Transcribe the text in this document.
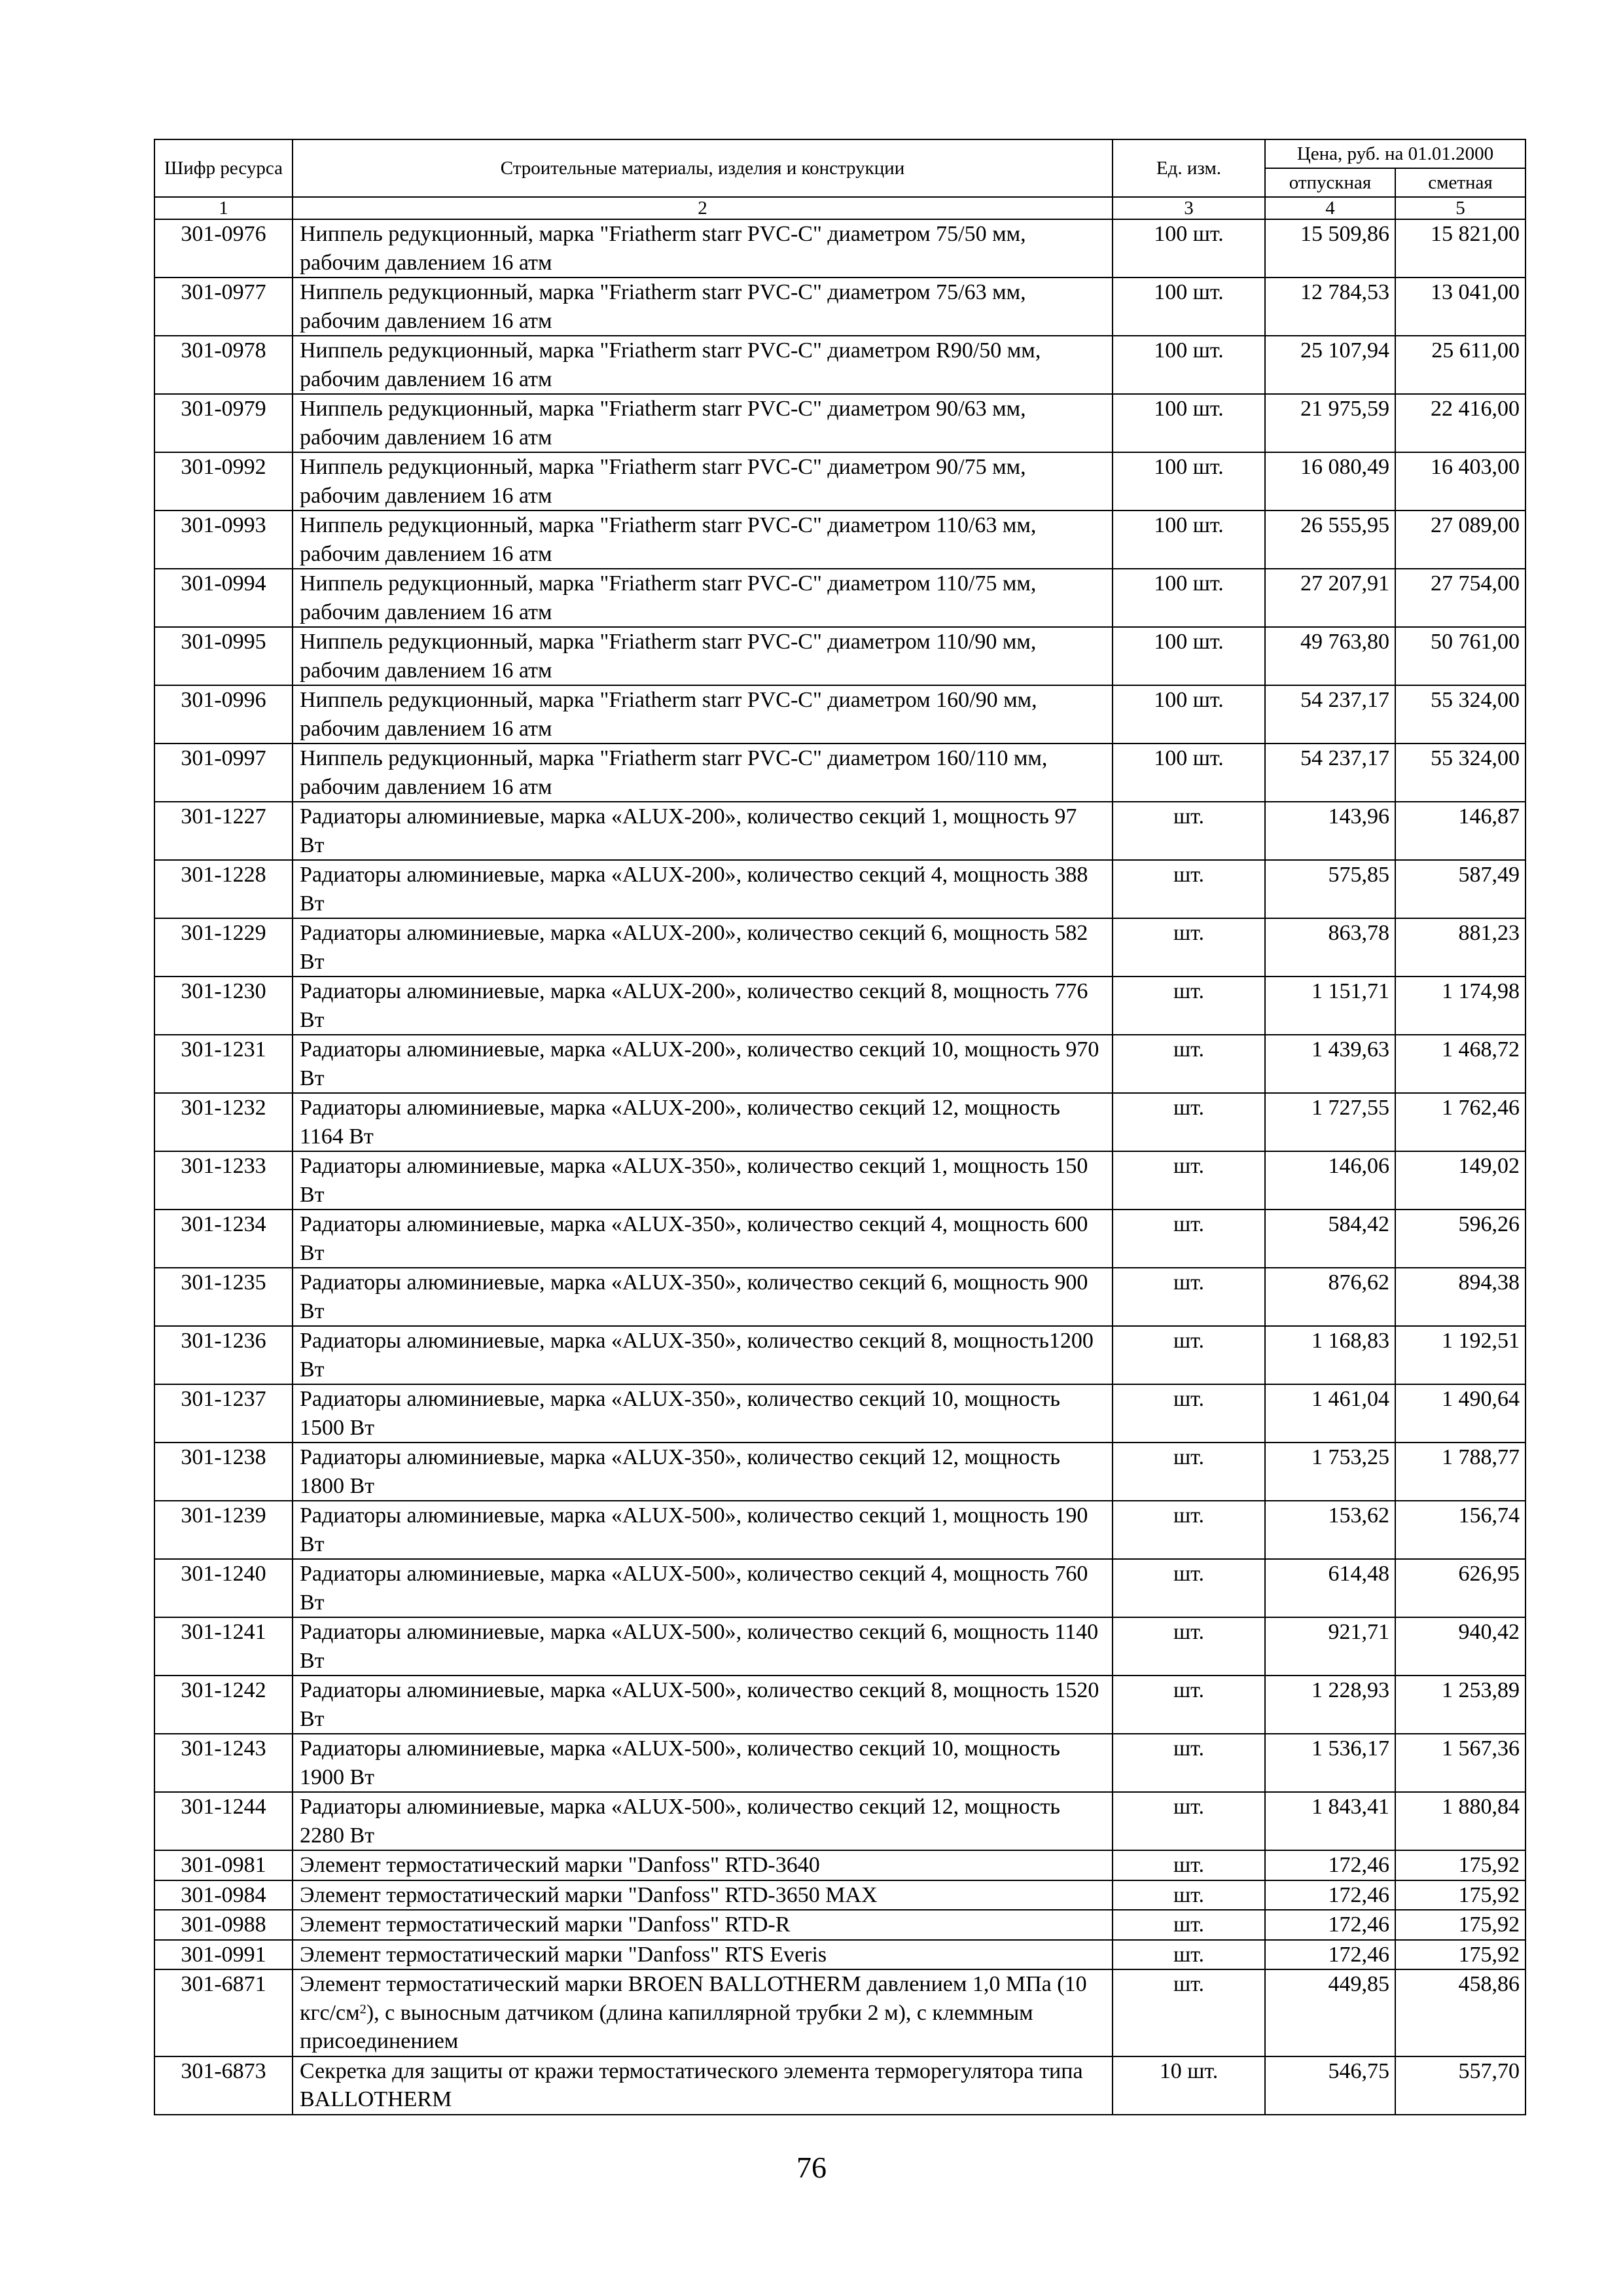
Шифр ресурса	Строительные материалы, изделия и конструкции	Ед. изм.	Цена, руб. на 01.01.2000	
			отпускная	сметная
1	2	3	4	5
301-0976	Ниппель редукционный, марка "Friatherm starr PVC-C" диаметром 75/50 мм, рабочим давлением 16 атм	100 шт.	15 509,86	15 821,00
301-0977	Ниппель редукционный, марка "Friatherm starr PVC-C" диаметром 75/63 мм, рабочим давлением 16 атм	100 шт.	12 784,53	13 041,00
301-0978	Ниппель редукционный, марка "Friatherm starr PVC-C" диаметром R90/50 мм, рабочим давлением 16 атм	100 шт.	25 107,94	25 611,00
301-0979	Ниппель редукционный, марка "Friatherm starr PVC-C" диаметром 90/63 мм, рабочим давлением 16 атм	100 шт.	21 975,59	22 416,00
301-0992	Ниппель редукционный, марка "Friatherm starr PVC-C" диаметром 90/75 мм, рабочим давлением 16 атм	100 шт.	16 080,49	16 403,00
301-0993	Ниппель редукционный, марка "Friatherm starr PVC-C" диаметром 110/63 мм, рабочим давлением 16 атм	100 шт.	26 555,95	27 089,00
301-0994	Ниппель редукционный, марка "Friatherm starr PVC-C" диаметром 110/75 мм, рабочим давлением 16 атм	100 шт.	27 207,91	27 754,00
301-0995	Ниппель редукционный, марка "Friatherm starr PVC-C" диаметром 110/90 мм, рабочим давлением 16 атм	100 шт.	49 763,80	50 761,00
301-0996	Ниппель редукционный, марка "Friatherm starr PVC-C" диаметром 160/90 мм, рабочим давлением 16 атм	100 шт.	54 237,17	55 324,00
301-0997	Ниппель редукционный, марка "Friatherm starr PVC-C" диаметром 160/110 мм, рабочим давлением 16 атм	100 шт.	54 237,17	55 324,00
301-1227	Радиаторы алюминиевые, марка «ALUX-200», количество секций 1, мощность 97 Вт	шт.	143,96	146,87
301-1228	Радиаторы алюминиевые, марка «ALUX-200», количество секций 4, мощность 388 Вт	шт.	575,85	587,49
301-1229	Радиаторы алюминиевые, марка «ALUX-200», количество секций 6, мощность 582 Вт	шт.	863,78	881,23
301-1230	Радиаторы алюминиевые, марка «ALUX-200», количество секций 8, мощность 776 Вт	шт.	1 151,71	1 174,98
301-1231	Радиаторы алюминиевые, марка «ALUX-200», количество секций 10, мощность 970 Вт	шт.	1 439,63	1 468,72
301-1232	Радиаторы алюминиевые, марка «ALUX-200», количество секций 12, мощность 1164 Вт	шт.	1 727,55	1 762,46
301-1233	Радиаторы алюминиевые, марка «ALUX-350», количество секций 1, мощность 150 Вт	шт.	146,06	149,02
301-1234	Радиаторы алюминиевые, марка «ALUX-350», количество секций 4, мощность 600 Вт	шт.	584,42	596,26
301-1235	Радиаторы алюминиевые, марка «ALUX-350», количество секций 6, мощность 900 Вт	шт.	876,62	894,38
301-1236	Радиаторы алюминиевые, марка «ALUX-350», количество секций 8, мощность1200 Вт	шт.	1 168,83	1 192,51
301-1237	Радиаторы алюминиевые, марка «ALUX-350», количество секций 10, мощность 1500 Вт	шт.	1 461,04	1 490,64
301-1238	Радиаторы алюминиевые, марка «ALUX-350», количество секций 12, мощность 1800 Вт	шт.	1 753,25	1 788,77
301-1239	Радиаторы алюминиевые, марка «ALUX-500», количество секций 1, мощность 190 Вт	шт.	153,62	156,74
301-1240	Радиаторы алюминиевые, марка «ALUX-500», количество секций 4, мощность 760 Вт	шт.	614,48	626,95
301-1241	Радиаторы алюминиевые, марка «ALUX-500», количество секций 6, мощность 1140 Вт	шт.	921,71	940,42
301-1242	Радиаторы алюминиевые, марка «ALUX-500», количество секций 8, мощность 1520 Вт	шт.	1 228,93	1 253,89
301-1243	Радиаторы алюминиевые, марка «ALUX-500», количество секций 10, мощность 1900 Вт	шт.	1 536,17	1 567,36
301-1244	Радиаторы алюминиевые, марка «ALUX-500», количество секций 12, мощность 2280 Вт	шт.	1 843,41	1 880,84
301-0981	Элемент термостатический марки "Danfoss" RTD-3640	шт.	172,46	175,92
301-0984	Элемент термостатический марки "Danfoss" RTD-3650 MAX	шт.	172,46	175,92
301-0988	Элемент термостатический марки "Danfoss" RTD-R	шт.	172,46	175,92
301-0991	Элемент термостатический марки "Danfoss" RTS Everis	шт.	172,46	175,92
301-6871	Элемент термостатический марки BROEN BALLOTHERM давлением 1,0 МПа (10 кгс/$см^2$), с выносным датчиком (длина капиллярной трубки 2 м), с клеммным присоединением	шт.	449,85	458,86
301-6873	Секретка для защиты от кражи термостатического элемента терморегулятора типа BALLOTHERM	10 шт.	546,75	557,70
76
